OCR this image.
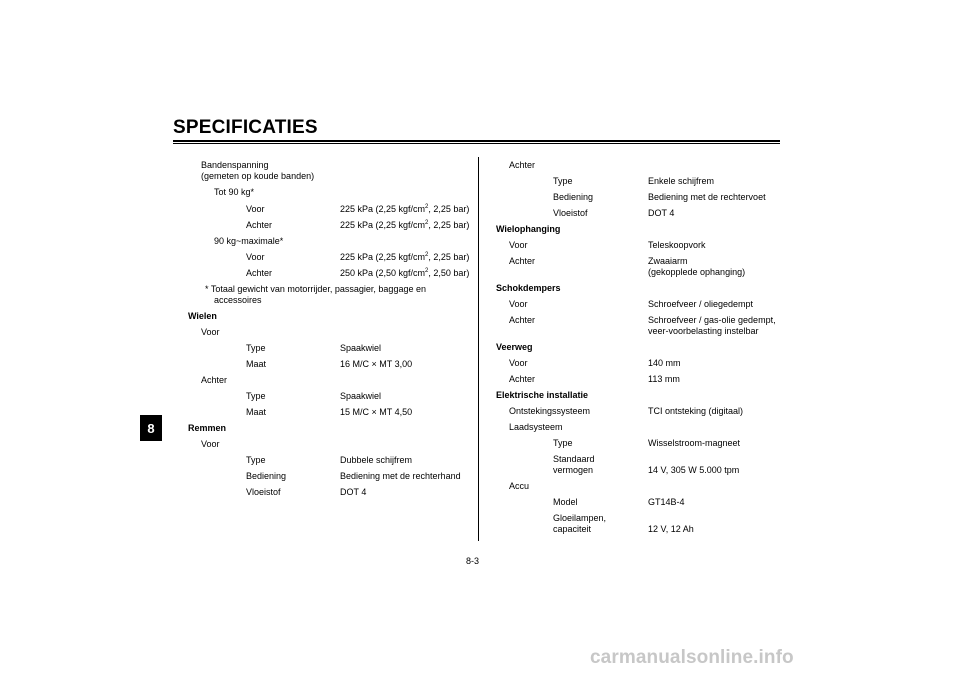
SPECIFICATIES
8
Bandenspanning
(gemeten op koude banden)
Tot 90 kg*
Voor	225 kPa (2,25 kgf/$cm^2$, 2,25 bar)
Achter	225 kPa (2,25 kgf/$cm^2$, 2,25 bar)
90 kg~maximale*
Voor	225 kPa (2,25 kgf/$cm^2$, 2,25 bar)
Achter	250 kPa (2,50 kgf/$cm^2$, 2,50 bar)
* Totaal gewicht van motorrijder, passagier, baggage en
accessoires
Wielen
Voor
Type	Spaakwiel
Maat	16 M/C × MT 3,00
Achter
Type	Spaakwiel
Maat	15 M/C × MT 4,50
Remmen
Voor
Type	Dubbele schijfrem
Bediening	Bediening met de rechterhand
Vloeistof	DOT 4
Achter
Type	Enkele schijfrem
Bediening	Bediening met de rechtervoet
Vloeistof	DOT 4
Wielophanging
Voor	Teleskoopvork
Achter	Zwaaiarm
(gekopplede ophanging)
Schokdempers
Voor	Schroefveer / oliegedempt
Achter	Schroefveer / gas-olie gedempt,
veer-voorbelasting instelbar
Veerweg
Voor	140 mm
Achter	113 mm
Elektrische installatie
Ontstekingssysteem	TCI ontsteking (digitaal)
Laadsysteem
Type	Wisselstroom-magneet
Standaard
vermogen	14 V, 305 W 5.000 tpm
Accu
Model	GT14B-4
Gloeilampen,
capaciteit	12 V, 12 Ah
8-3
carmanualsonline.info
